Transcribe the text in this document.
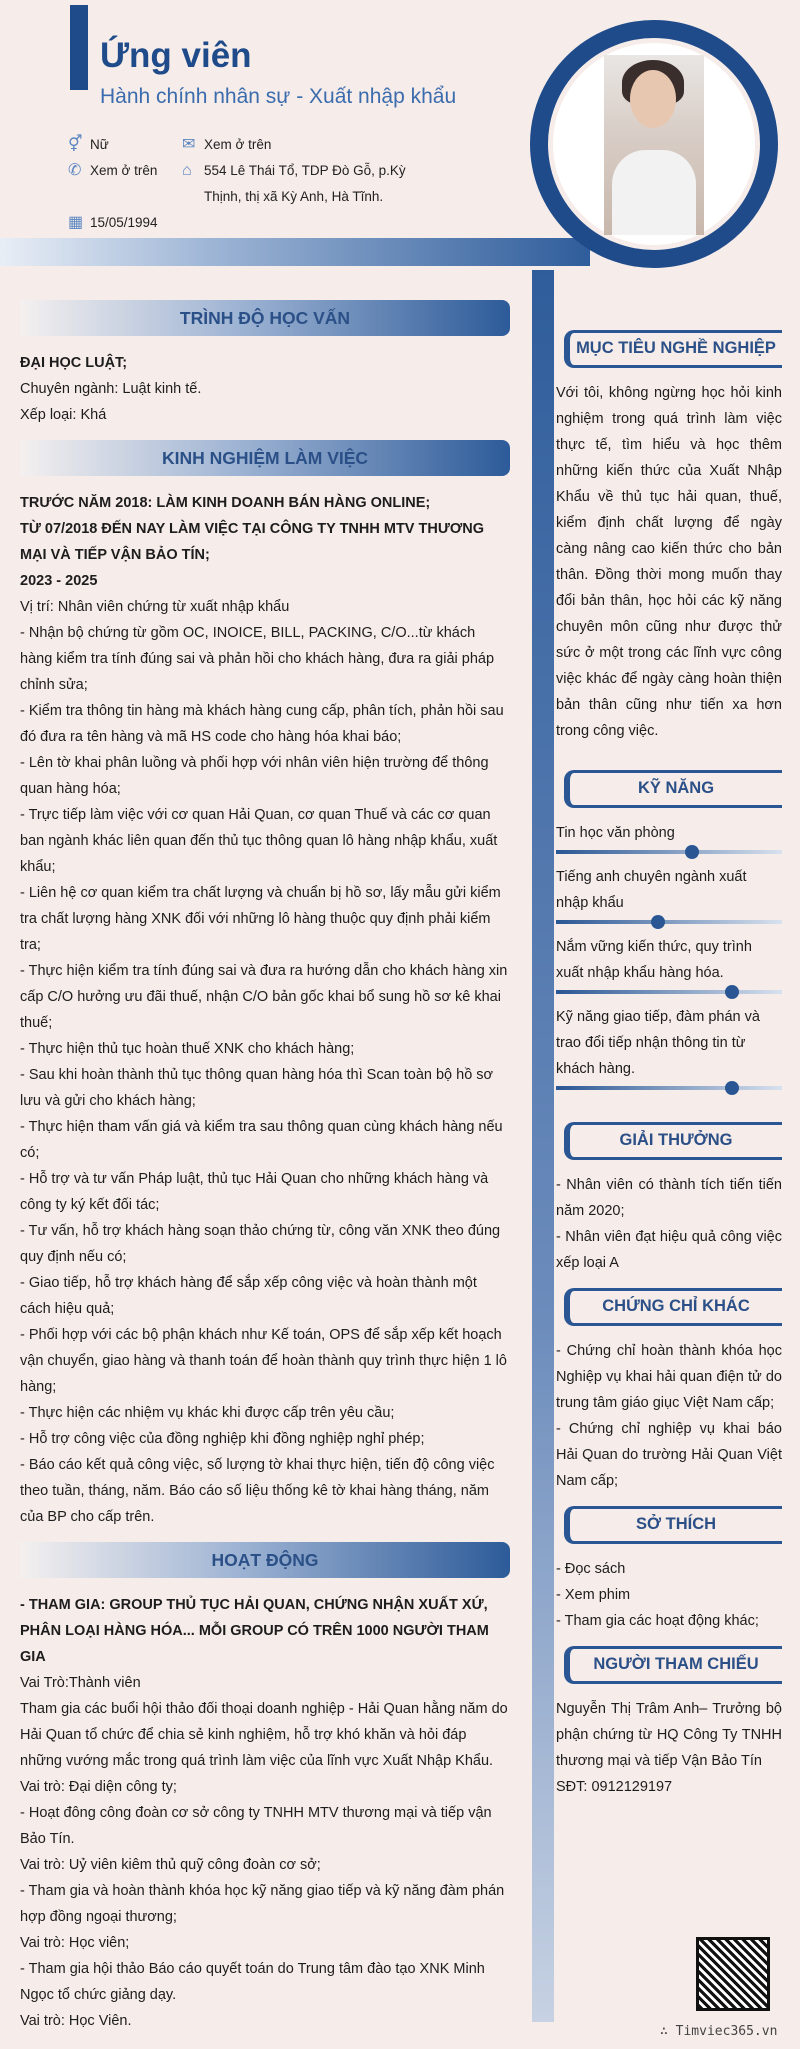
Ứng viên
Hành chính nhân sự - Xuất nhập khẩu
⚥ Nữ	✉ Xem ở trên
✆ Xem ở trên ⌂ 554 Lê Thái Tổ, TDP Đò Gỗ, p.Kỳ Thịnh, thị xã Kỳ Anh, Hà Tĩnh.
▦ 15/05/1994
TRÌNH ĐỘ HỌC VẤN
ĐẠI HỌC LUẬT;
Chuyên ngành: Luật kinh tế.
Xếp loại: Khá
KINH NGHIỆM LÀM VIỆC
TRƯỚC NĂM 2018: LÀM KINH DOANH BÁN HÀNG ONLINE;
TỪ 07/2018 ĐẾN NAY LÀM VIỆC TẠI CÔNG TY TNHH MTV THƯƠNG MẠI VÀ TIẾP VẬN BẢO TÍN;
2023 - 2025
Vị trí: Nhân viên chứng từ xuất nhập khẩu
- Nhận bộ chứng từ gồm OC, INOICE, BILL, PACKING, C/O...từ khách hàng kiểm tra tính đúng sai và phản hồi cho khách hàng, đưa ra giải pháp chỉnh sửa;
- Kiểm tra thông tin hàng mà khách hàng cung cấp, phân tích, phản hồi sau đó đưa ra tên hàng và mã HS code cho hàng hóa khai báo;
- Lên tờ khai phân luồng và phối hợp với nhân viên hiện trường để thông quan hàng hóa;
- Trực tiếp làm việc với cơ quan Hải Quan, cơ quan Thuế và các cơ quan ban ngành khác liên quan đến thủ tục thông quan lô hàng nhập khẩu, xuất khẩu;
- Liên hệ cơ quan kiểm tra chất lượng và chuẩn bị hồ sơ, lấy mẫu gửi kiểm tra chất lượng hàng XNK đối với những lô hàng thuộc quy định phải kiểm tra;
- Thực hiện kiểm tra tính đúng sai và đưa ra hướng dẫn cho khách hàng xin cấp C/O hưởng ưu đãi thuế, nhận C/O bản gốc khai bổ sung hồ sơ kê khai thuế;
- Thực hiện thủ tục hoàn thuế XNK cho khách hàng;
- Sau khi hoàn thành thủ tục thông quan hàng hóa thì Scan toàn bộ hồ sơ lưu và gửi cho khách hàng;
- Thực hiện tham vấn giá và kiểm tra sau thông quan cùng khách hàng nếu có;
- Hỗ trợ và tư vấn Pháp luật, thủ tục Hải Quan cho những khách hàng và công ty ký kết đối tác;
- Tư vấn, hỗ trợ khách hàng soạn thảo chứng từ, công văn XNK theo đúng quy định nếu có;
- Giao tiếp, hỗ trợ khách hàng để sắp xếp công việc và hoàn thành một cách hiệu quả;
- Phối hợp với các bộ phận khách như Kế toán, OPS để sắp xếp kết hoạch vận chuyển, giao hàng và thanh toán để hoàn thành quy trình thực hiện 1 lô hàng;
- Thực hiện các nhiệm vụ khác khi được cấp trên yêu cầu;
- Hỗ trợ công việc của đồng nghiệp khi đồng nghiệp nghỉ phép;
- Báo cáo kết quả công việc, số lượng tờ khai thực hiện, tiến độ công việc theo tuần, tháng, năm. Báo cáo số liệu thống kê tờ khai hàng tháng, năm của BP cho cấp trên.
HOẠT ĐỘNG
- THAM GIA: GROUP THỦ TỤC HẢI QUAN, CHỨNG NHẬN XUẤT XỨ, PHÂN LOẠI HÀNG HÓA... MỖI GROUP CÓ TRÊN 1000 NGƯỜI THAM GIA
Vai Trò:Thành viên
Tham gia các buổi hội thảo đối thoại doanh nghiệp - Hải Quan hằng năm do Hải Quan tổ chức để chia sẻ kinh nghiệm, hỗ trợ khó khăn và hỏi đáp những vướng mắc trong quá trình làm việc của lĩnh vực Xuất Nhập Khẩu.
Vai trò: Đại diện công ty;
- Hoạt đông công đoàn cơ sở công ty TNHH MTV thương mại và tiếp vận Bảo Tín.
Vai trò: Uỷ viên kiêm thủ quỹ công đoàn cơ sở;
- Tham gia và hoàn thành khóa học kỹ năng giao tiếp và kỹ năng đàm phán hợp đồng ngoại thương;
Vai trò: Học viên;
- Tham gia hội thảo Báo cáo quyết toán do Trung tâm đào tạo XNK Minh Ngọc tổ chức giảng dạy.
Vai trò: Học Viên.
MỤC TIÊU NGHỀ NGHIỆP
Với tôi, không ngừng học hỏi kinh nghiệm trong quá trình làm việc thực tế, tìm hiểu và học thêm những kiến thức của Xuất Nhập Khẩu về thủ tục hải quan, thuế, kiểm định chất lượng để ngày càng nâng cao kiến thức cho bản thân. Đồng thời mong muốn thay đổi bản thân, học hỏi các kỹ năng chuyên môn cũng như được thử sức ở một trong các lĩnh vực công việc khác để ngày càng hoàn thiện bản thân cũng như tiến xa hơn trong công việc.
KỸ NĂNG
Tin học văn phòng
Tiếng anh chuyên ngành xuất nhập khẩu
Nắm vững kiến thức, quy trình xuất nhập khẩu hàng hóa.
Kỹ năng giao tiếp, đàm phán và trao đổi tiếp nhận thông tin từ khách hàng.
GIẢI THƯỞNG
- Nhân viên có thành tích tiến tiến năm 2020;
- Nhân viên đạt hiệu quả công việc xếp loại A
CHỨNG CHỈ KHÁC
- Chứng chỉ hoàn thành khóa học Nghiệp vụ khai hải quan điện tử do trung tâm giáo giục Việt Nam cấp;
- Chứng chỉ nghiệp vụ khai báo Hải Quan do trường Hải Quan Việt Nam cấp;
SỞ THÍCH
- Đọc sách
- Xem phim
- Tham gia các hoạt động khác;
NGƯỜI THAM CHIẾU
Nguyễn Thị Trâm Anh– Trưởng bộ phận chứng từ HQ Công Ty TNHH thương mại và tiếp Vận Bảo Tín
SĐT: 0912129197
∴ Timviec365.vn
